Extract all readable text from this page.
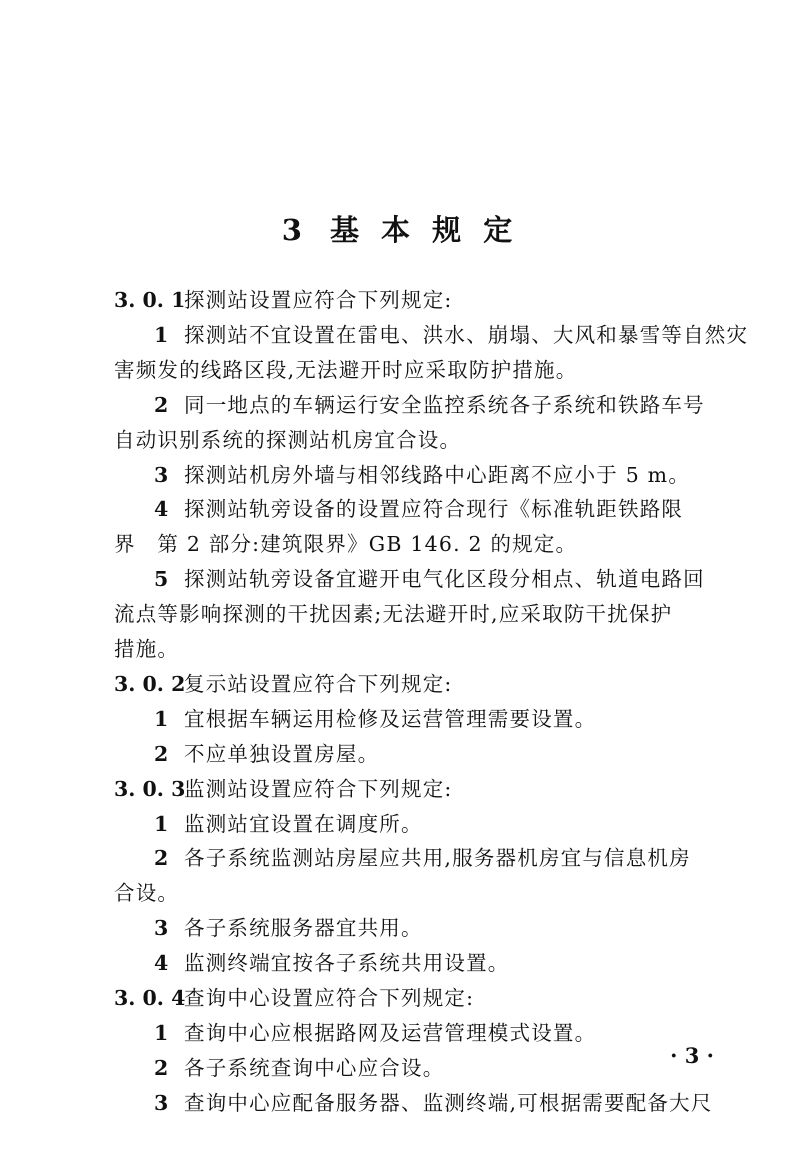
3 基 本 规 定
3. 0. 1探测站设置应符合下列规定:
1 探测站不宜设置在雷电、洪水、崩塌、大风和暴雪等自然灾
害频发的线路区段,无法避开时应采取防护措施。
2 同一地点的车辆运行安全监控系统各子系统和铁路车号
自动识别系统的探测站机房宜合设。
3 探测站机房外墙与相邻线路中心距离不应小于 5 m。
4 探测站轨旁设备的设置应符合现行《标准轨距铁路限
界　第 2 部分:建筑限界》GB 146. 2 的规定。
5 探测站轨旁设备宜避开电气化区段分相点、轨道电路回
流点等影响探测的干扰因素;无法避开时,应采取防干扰保护
措施。
3. 0. 2复示站设置应符合下列规定:
1 宜根据车辆运用检修及运营管理需要设置。
2 不应单独设置房屋。
3. 0. 3监测站设置应符合下列规定:
1 监测站宜设置在调度所。
2 各子系统监测站房屋应共用,服务器机房宜与信息机房
合设。
3 各子系统服务器宜共用。
4 监测终端宜按各子系统共用设置。
3. 0. 4查询中心设置应符合下列规定:
1 查询中心应根据路网及运营管理模式设置。
2 各子系统查询中心应合设。
3 查询中心应配备服务器、监测终端,可根据需要配备大尺
· 3 ·
